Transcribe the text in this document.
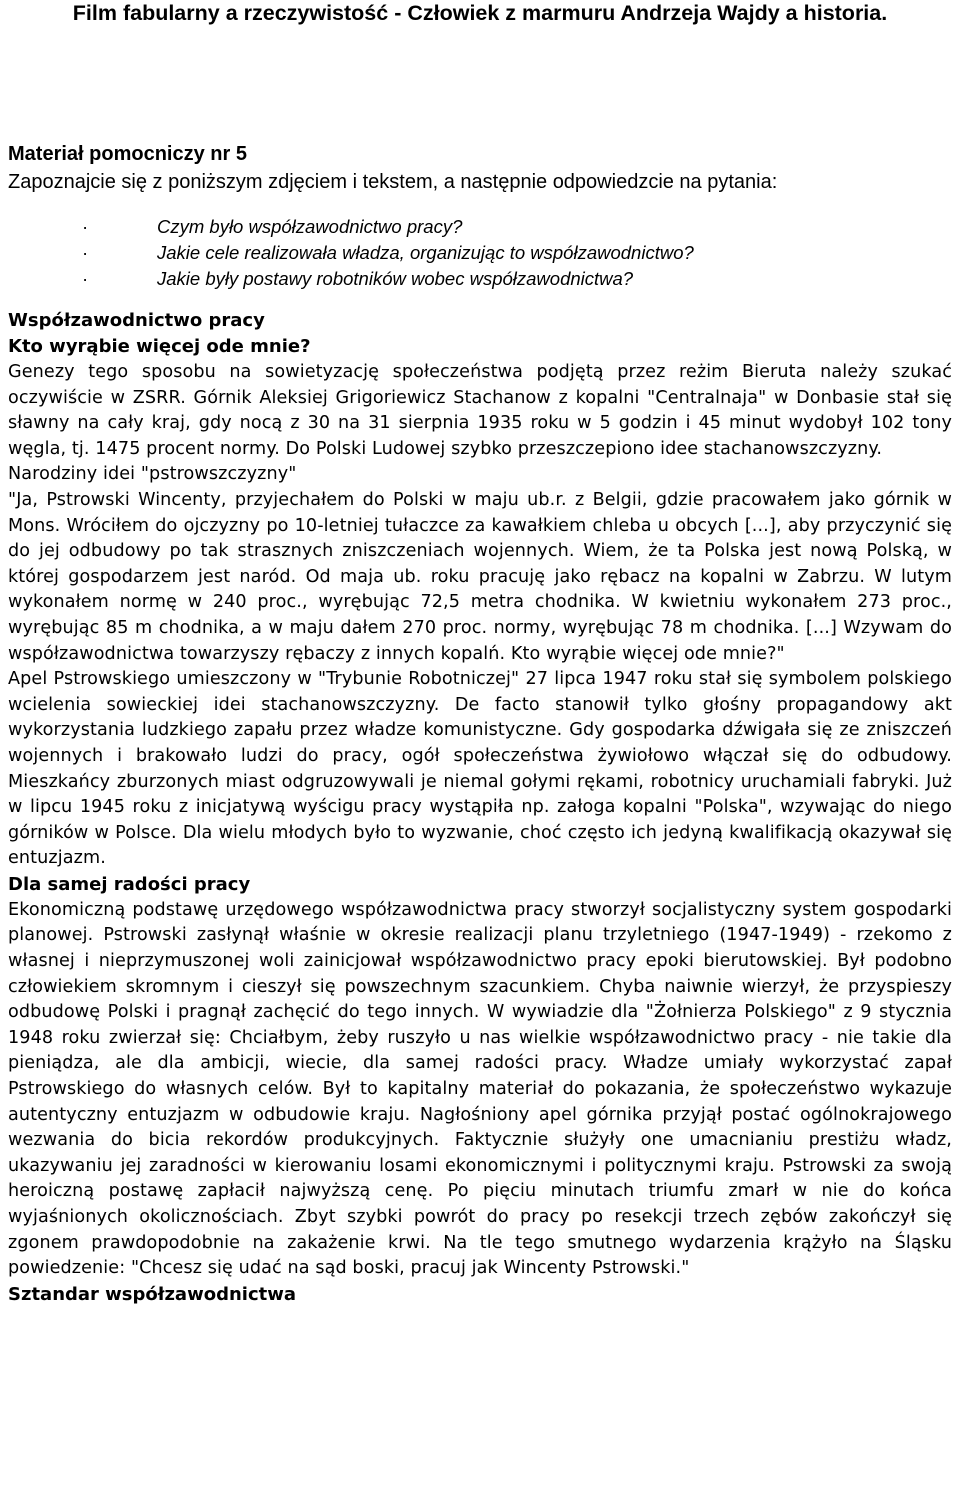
Film fabularny a rzeczywistość - Człowiek z marmuru Andrzeja Wajdy a historia.

Materiał pomocniczy nr 5

Zapoznajcie się z poniższym zdjęciem i tekstem, a następnie odpowiedzcie na pytania:

·	Czym było współzawodnictwo pracy?
·	Jakie cele realizowała władza, organizując to współzawodnictwo?
·	Jakie były postawy robotników wobec współzawodnictwa?

Współzawodnictwo pracy

Kto wyrąbie więcej ode mnie?

Genezy tego sposobu na sowietyzację społeczeństwa podjętą przez reżim Bieruta należy szukać oczywiście w ZSRR. Górnik Aleksiej Grigoriewicz Stachanow z kopalni "Centralnaja" w Donbasie stał się sławny na cały kraj, gdy nocą z 30 na 31 sierpnia 1935 roku w 5 godzin i 45 minut wydobył 102 tony węgla, tj. 1475 procent normy. Do Polski Ludowej szybko przeszczepiono idee stachanowszczyzny.

Narodziny idei "pstrowszczyzny"

"Ja, Pstrowski Wincenty, przyjechałem do Polski w maju ub.r. z Belgii, gdzie pracowałem jako górnik w Mons. Wróciłem do ojczyzny po 10-letniej tułaczce za kawałkiem chleba u obcych [...], aby przyczynić się do jej odbudowy po tak strasznych zniszczeniach wojennych. Wiem, że ta Polska jest nową Polską, w której gospodarzem jest naród. Od maja ub. roku pracuję jako rębacz na kopalni w Zabrzu. W lutym wykonałem normę w 240 proc., wyrębując 72,5 metra chodnika. W kwietniu wykonałem 273 proc., wyrębując 85 m chodnika, a w maju dałem 270 proc. normy, wyrębując 78 m chodnika. [...] Wzywam do współzawodnictwa towarzyszy rębaczy z innych kopalń. Kto wyrąbie więcej ode mnie?"

Apel Pstrowskiego umieszczony w "Trybunie Robotniczej" 27 lipca 1947 roku stał się symbolem polskiego wcielenia sowieckiej idei stachanowszczyzny. De facto stanowił tylko głośny propagandowy akt wykorzystania ludzkiego zapału przez władze komunistyczne. Gdy gospodarka dźwigała się ze zniszczeń wojennych i brakowało ludzi do pracy, ogół społeczeństwa żywiołowo włączał się do odbudowy. Mieszkańcy zburzonych miast odgruzowywali je niemal gołymi rękami, robotnicy uruchamiali fabryki. Już w lipcu 1945 roku z inicjatywą wyścigu pracy wystąpiła np. załoga kopalni "Polska", wzywając do niego górników w Polsce. Dla wielu młodych było to wyzwanie, choć często ich jedyną kwalifikacją okazywał się entuzjazm.

Dla samej radości pracy

Ekonomiczną podstawę urzędowego współzawodnictwa pracy stworzył socjalistyczny system gospodarki planowej. Pstrowski zasłynął właśnie w okresie realizacji planu trzyletniego (1947-1949) - rzekomo z własnej i nieprzymuszonej woli zainicjował współzawodnictwo pracy epoki bierutowskiej. Był podobno człowiekiem skromnym i cieszył się powszechnym szacunkiem. Chyba naiwnie wierzył, że przyspieszy odbudowę Polski i pragnął zachęcić do tego innych. W wywiadzie dla "Żołnierza Polskiego" z 9 stycznia 1948 roku zwierzał się: Chciałbym, żeby ruszyło u nas wielkie współzawodnictwo pracy - nie takie dla pieniądza, ale dla ambicji, wiecie, dla samej radości pracy. Władze umiały wykorzystać zapał Pstrowskiego do własnych celów. Był to kapitalny materiał do pokazania, że społeczeństwo wykazuje autentyczny entuzjazm w odbudowie kraju. Nagłośniony apel górnika przyjął postać ogólnokrajowego wezwania do bicia rekordów produkcyjnych. Faktycznie służyły one umacnianiu prestiżu władz, ukazywaniu jej zaradności w kierowaniu losami ekonomicznymi i politycznymi kraju. Pstrowski za swoją heroiczną postawę zapłacił najwyższą cenę. Po pięciu minutach triumfu zmarł w nie do końca wyjaśnionych okolicznościach. Zbyt szybki powrót do pracy po resekcji trzech zębów zakończył się zgonem prawdopodobnie na zakażenie krwi. Na tle tego smutnego wydarzenia krążyło na Śląsku powiedzenie: "Chcesz się udać na sąd boski, pracuj jak Wincenty Pstrowski."

Sztandar współzawodnictwa
